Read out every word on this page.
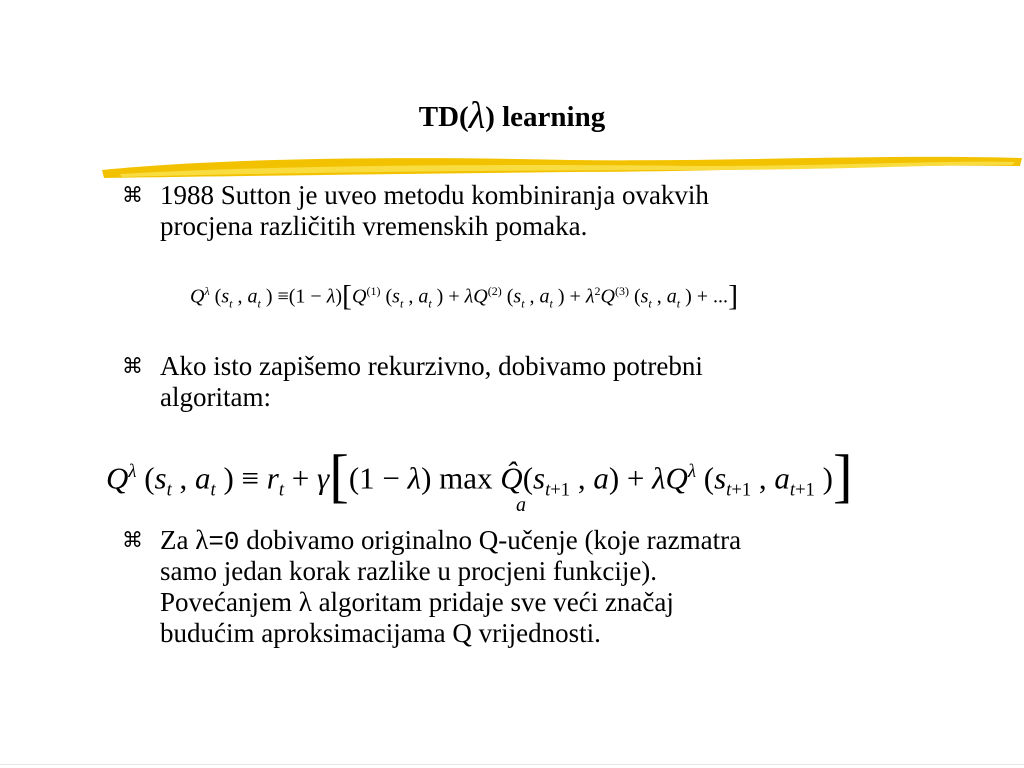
TD(λ) learning
⌘ 1988 Sutton je uveo metodu kombiniranja ovakvih
procjena različitih vremenskih pomaka.
$Q^\lambda$ ($s_t$ , $a_t$ ) $\equiv(1 - \lambda)[Q^{(1)}$ ($s_t$ , $a_t$ ) + $\lambda Q^{(2)}$ ($s_t$ , $a_t$ ) + $\lambda^2Q^{(3)}$ ($s_t$ , $a_t$ ) + ...]
⌘ Ako isto zapišemo rekurzivno, dobivamo potrebni
algoritam:
$Q^\lambda$ ($s_t$ , $a_t$ ) ≡ $r_t + \gamma[(1 - \lambda)$ $\max Q̂(s_{t+1}$ , $a) + \lambda Q^\lambda$ ($s_{t+1}$ , $a_{t+1}$ )]
a
⌘ Za λ=0 dobivamo originalno Q-učenje (koje razmatra
samo jedan korak razlike u procjeni funkcije).
Povećanjem λ algoritam pridaje sve veći značaj
budućim aproksimacijama Q vrijednosti.
